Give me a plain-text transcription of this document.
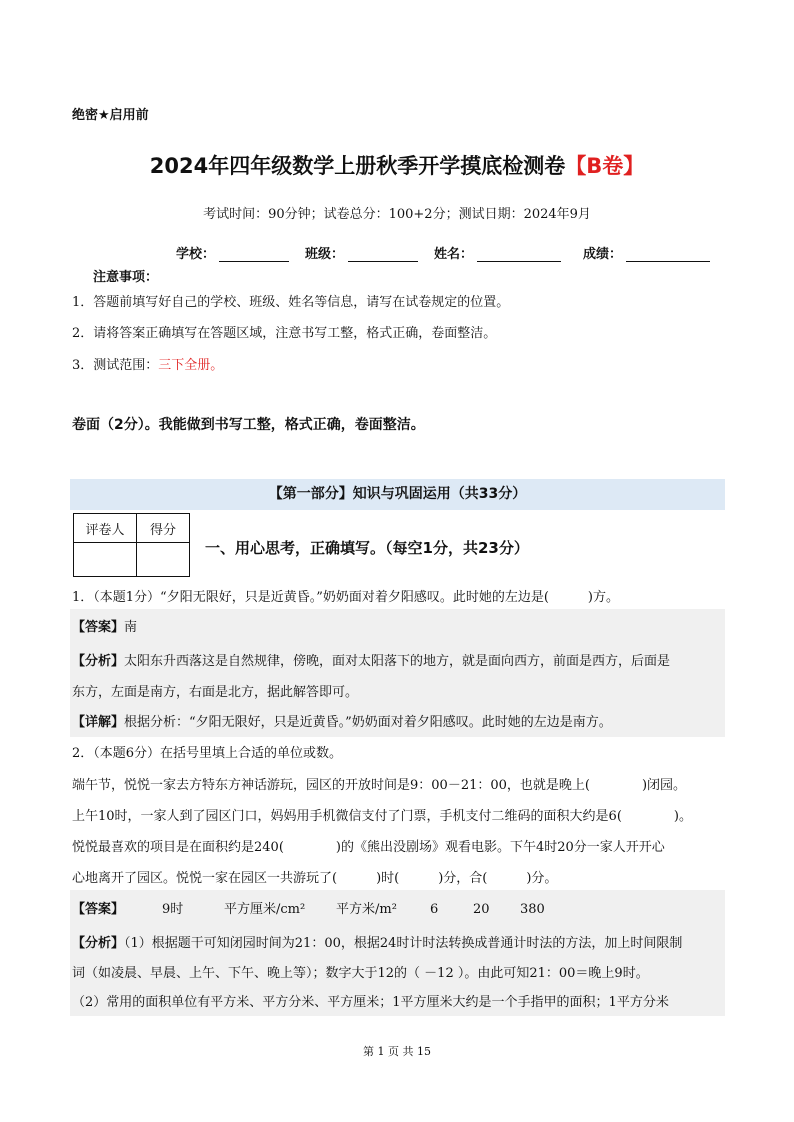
绝密★启用前
2024年四年级数学上册秋季开学摸底检测卷【B卷】
考试时间：90分钟；试卷总分：100+2分；测试日期：2024年9月
学校：	班级：	姓名：	成绩：
注意事项：
1．答题前填写好自己的学校、班级、姓名等信息，请写在试卷规定的位置。
2．请将答案正确填写在答题区域，注意书写工整，格式正确，卷面整洁。
3．测试范围：三下全册。
卷面（2分）。我能做到书写工整，格式正确，卷面整洁。
【第一部分】知识与巩固运用（共33分）
评卷人	得分

一、用心思考，正确填写。（每空1分，共23分）
1．（本题1分）“夕阳无限好，只是近黄昏。”奶奶面对着夕阳感叹。此时她的左边是(　　　)方。
【答案】南
【分析】太阳东升西落这是自然规律，傍晚，面对太阳落下的地方，就是面向西方，前面是西方，后面是
东方，左面是南方，右面是北方，据此解答即可。
【详解】根据分析：“夕阳无限好，只是近黄昏。”奶奶面对着夕阳感叹。此时她的左边是南方。
2．（本题6分）在括号里填上合适的单位或数。
端午节，悦悦一家去方特东方神话游玩，园区的开放时间是9：00－21：00，也就是晚上(　　　　)闭园。
上午10时，一家人到了园区门口，妈妈用手机微信支付了门票，手机支付二维码的面积大约是6(　　　　)。
悦悦最喜欢的项目是在面积约是240(　　　　)的《熊出没剧场》观看电影。下午4时20分一家人开开心
心地离开了园区。悦悦一家在园区一共游玩了(　　　)时(　　　)分，合(　　　)分。
【答案】	9时	平方厘米/cm² 平方米/m²	6	20 380
【分析】（1）根据题干可知闭园时间为21：00，根据24时计时法转换成普通计时法的方法，加上时间限制
词（如凌晨、早晨、上午、下午、晚上等）；数字大于12的（ －12 ）。由此可知21：00＝晚上9时。
（2）常用的面积单位有平方米、平方分米、平方厘米；1平方厘米大约是一个手指甲的面积；1平方分米
第 1 页 共 15
